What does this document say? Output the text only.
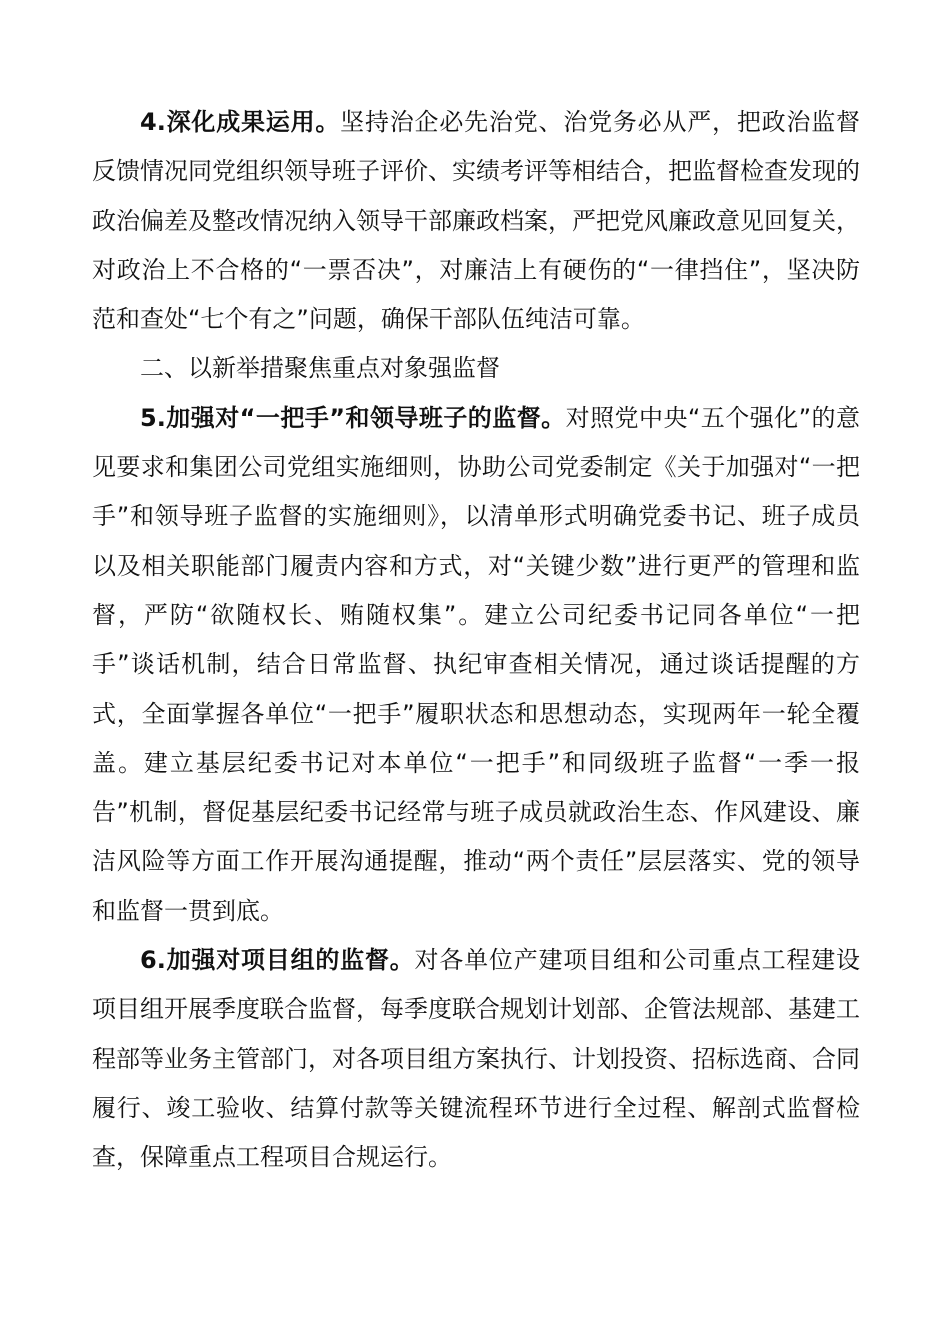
4.深化成果运用。坚持治企必先治党、治党务必从严，把政治监督反馈情况同党组织领导班子评价、实绩考评等相结合，把监督检查发现的政治偏差及整改情况纳入领导干部廉政档案，严把党风廉政意见回复关，对政治上不合格的“一票否决”，对廉洁上有硬伤的“一律挡住”，坚决防范和查处“七个有之”问题，确保干部队伍纯洁可靠。

二、以新举措聚焦重点对象强监督

5.加强对“一把手”和领导班子的监督。对照党中央“五个强化”的意见要求和集团公司党组实施细则，协助公司党委制定《关于加强对“一把手”和领导班子监督的实施细则》，以清单形式明确党委书记、班子成员以及相关职能部门履责内容和方式，对“关键少数”进行更严的管理和监督，严防“欲随权长、贿随权集”。建立公司纪委书记同各单位“一把手”谈话机制，结合日常监督、执纪审查相关情况，通过谈话提醒的方式，全面掌握各单位“一把手”履职状态和思想动态，实现两年一轮全覆盖。建立基层纪委书记对本单位“一把手”和同级班子监督“一季一报告”机制，督促基层纪委书记经常与班子成员就政治生态、作风建设、廉洁风险等方面工作开展沟通提醒，推动“两个责任”层层落实、党的领导和监督一贯到底。

6.加强对项目组的监督。对各单位产建项目组和公司重点工程建设项目组开展季度联合监督，每季度联合规划计划部、企管法规部、基建工程部等业务主管部门，对各项目组方案执行、计划投资、招标选商、合同履行、竣工验收、结算付款等关键流程环节进行全过程、解剖式监督检查，保障重点工程项目合规运行。
